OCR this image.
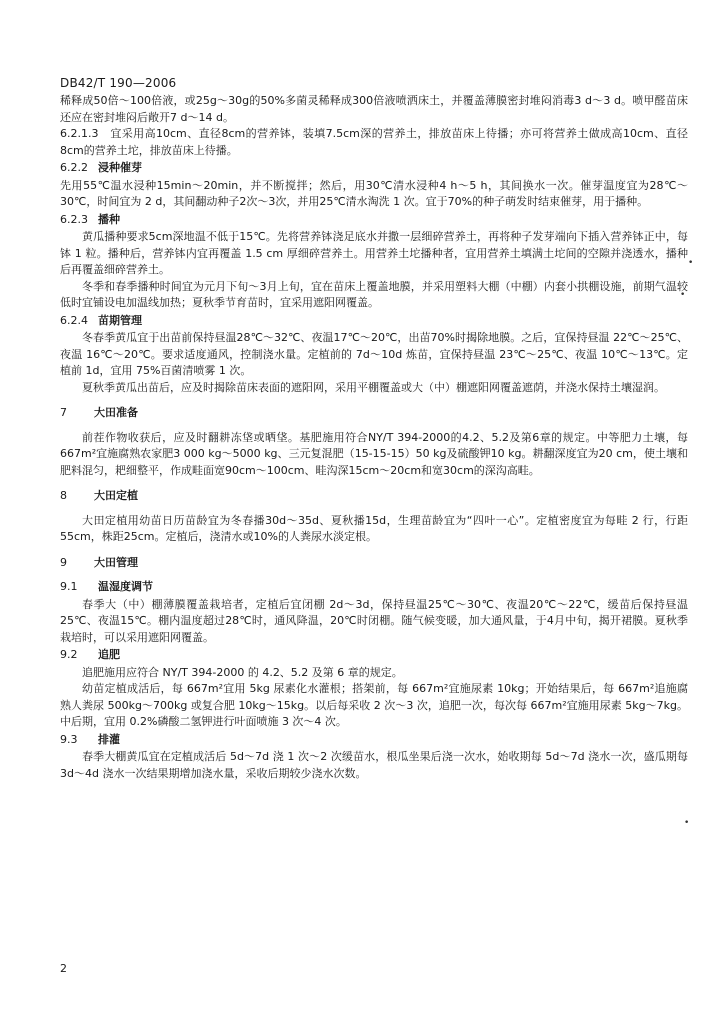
DB42/T 190—2006

稀释成50倍～100倍液，或25g～30g的50%多菌灵稀释成300倍液喷洒床土，并覆盖薄膜密封堆闷消毒3 d～3 d。喷甲醛苗床还应在密封堆闷后敞开7 d～14 d。

6.2.1.3　宜采用高10cm、直径8cm的营养钵，装填7.5cm深的营养土，排放苗床上待播；亦可将营养土做成高10cm、直径8cm的营养土坨，排放苗床上待播。

6.2.2 浸种催芽

先用55℃温水浸种15min～20min，并不断搅拌；然后，用30℃清水浸种4 h～5 h，其间换水一次。催芽温度宜为28℃～30℃，时间宜为 2 d，其间翻动种子2次～3次，并用25℃清水淘洗 1 次。宜于70%的种子萌发时结束催芽，用于播种。

6.2.3 播种

黄瓜播种要求5cm深地温不低于15℃。先将营养钵浇足底水并撒一层细碎营养土，再将种子发芽端向下插入营养钵正中，每钵 1 粒。播种后，营养钵内宜再覆盖 1.5 cm 厚细碎营养土。用营养土坨播种者，宜用营养土填满土坨间的空隙并浇透水，播种后再覆盖细碎营养土。

冬季和春季播种时间宜为元月下旬～3月上旬，宜在苗床上覆盖地膜，并采用塑料大棚（中棚）内套小拱棚设施，前期气温较低时宜铺设电加温线加热；夏秋季节育苗时，宜采用遮阳网覆盖。

6.2.4 苗期管理

冬春季黄瓜宜于出苗前保持昼温28℃～32℃、夜温17℃～20℃，出苗70%时揭除地膜。之后，宜保持昼温 22℃～25℃、夜温 16℃～20℃。要求适度通风，控制浇水量。定植前的 7d～10d 炼苗，宜保持昼温 23℃～25℃、夜温 10℃～13℃。定植前 1d，宜用 75%百菌清喷雾 1 次。

夏秋季黄瓜出苗后，应及时揭除苗床表面的遮阳网，采用平棚覆盖或大（中）棚遮阳网覆盖遮荫，并浇水保持土壤湿润。

7 大田准备

前茬作物收获后，应及时翻耕冻垡或晒垡。基肥施用符合NY/T 394-2000的4.2、5.2及第6章的规定。中等肥力土壤，每667m²宜施腐熟农家肥3 000 kg～5000 kg、三元复混肥（15-15-15）50 kg及硫酸钾10 kg。耕翻深度宜为20 cm，使土壤和肥料混匀，耙细整平，作成畦面宽90cm～100cm、畦沟深15cm～20cm和宽30cm的深沟高畦。

8 大田定植

大田定植用幼苗日历苗龄宜为冬春播30d～35d、夏秋播15d，生理苗龄宜为“四叶一心”。定植密度宜为每畦 2 行，行距55cm，株距25cm。定植后，浇清水或10%的人粪尿水淡定根。

9 大田管理
9.1 温湿度调节

春季大（中）棚薄膜覆盖栽培者，定植后宜闭棚 2d～3d，保持昼温25℃～30℃、夜温20℃～22℃，缓苗后保持昼温25℃、夜温15℃。棚内温度超过28℃时，通风降温，20℃时闭棚。随气候变暖，加大通风量，于4月中旬，揭开裙膜。夏秋季栽培时，可以采用遮阳网覆盖。

9.2 追肥

追肥施用应符合 NY/T 394-2000 的 4.2、5.2 及第 6 章的规定。

幼苗定植成活后，每 667m²宜用 5kg 尿素化水灌根；搭架前，每 667m²宜施尿素 10kg；开始结果后，每 667m²追施腐熟人粪尿 500kg～700kg 或复合肥 10kg～15kg。以后每采收 2 次～3 次，追肥一次，每次每 667m²宜施用尿素 5kg～7kg。中后期，宜用 0.2%磷酸二氢钾进行叶面喷施 3 次～4 次。

9.3 排灌

春季大棚黄瓜宜在定植成活后 5d～7d 浇 1 次～2 次缓苗水，根瓜坐果后浇一次水，始收期每 5d～7d 浇水一次，盛瓜期每 3d～4d 浇水一次结果期增加浇水量，采收后期较少浇水次数。

2
•
•
•
